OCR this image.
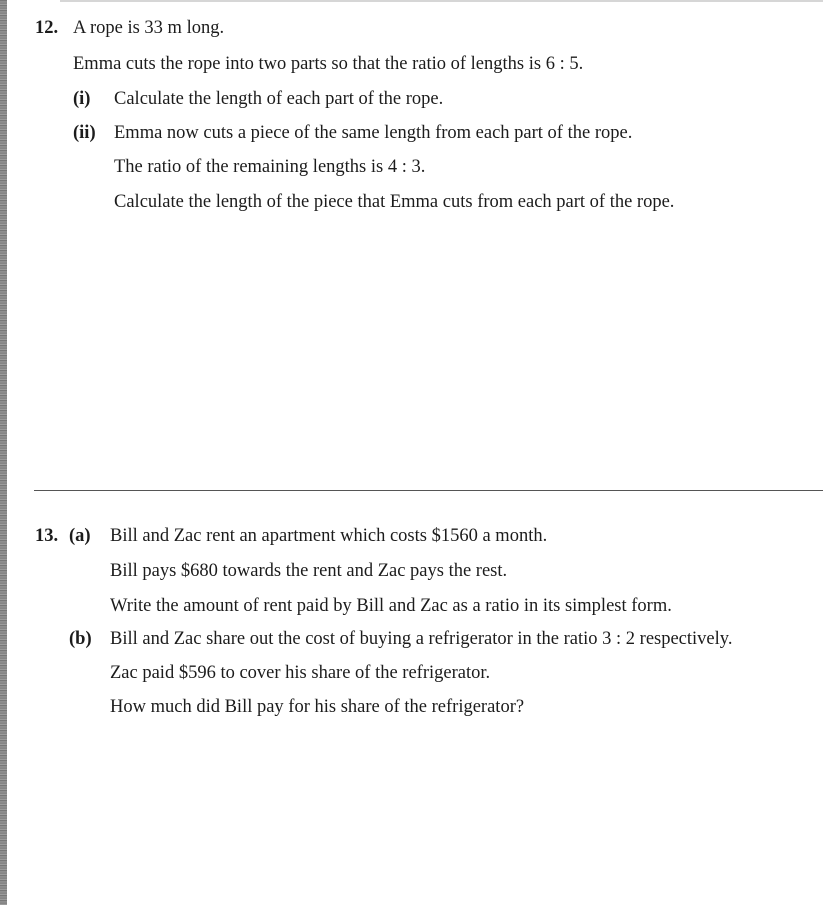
12. A rope is 33 m long.
Emma cuts the rope into two parts so that the ratio of lengths is 6 : 5.
(i) Calculate the length of each part of the rope.
(ii) Emma now cuts a piece of the same length from each part of the rope.
The ratio of the remaining lengths is 4 : 3.
Calculate the length of the piece that Emma cuts from each part of the rope.
13. (a) Bill and Zac rent an apartment which costs $1560 a month.
Bill pays $680 towards the rent and Zac pays the rest.
Write the amount of rent paid by Bill and Zac as a ratio in its simplest form.
(b) Bill and Zac share out the cost of buying a refrigerator in the ratio 3 : 2 respectively.
Zac paid $596 to cover his share of the refrigerator.
How much did Bill pay for his share of the refrigerator?
